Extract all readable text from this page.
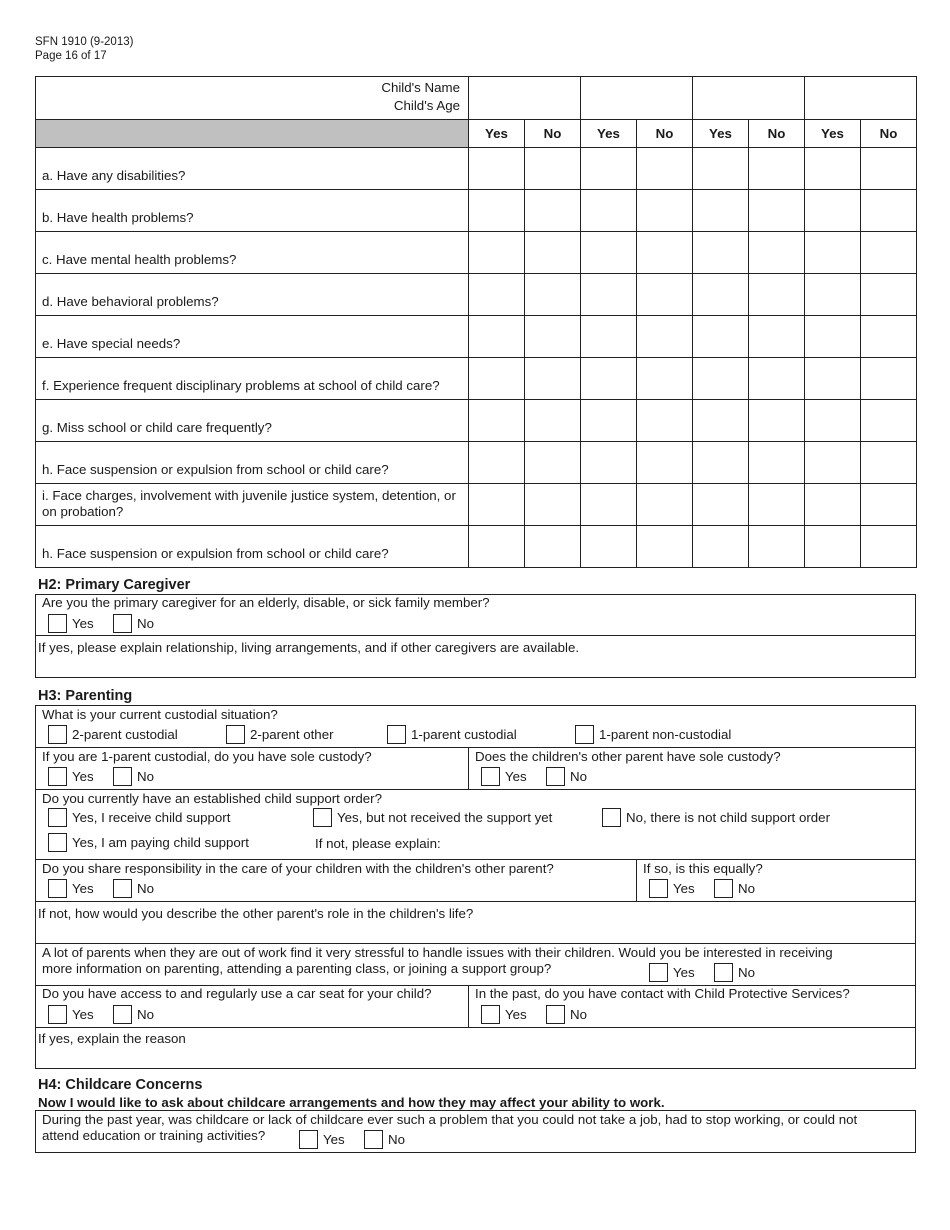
SFN 1910 (9-2013)
Page 16 of 17
Child's Name
Child's Age								

	Yes	No	Yes	No	Yes	No	Yes	No
a. Have any disabilities?								
b. Have health problems?								
c. Have mental health problems?								
d. Have behavioral problems?								
e. Have special needs?								
f. Experience frequent disciplinary problems at school of child care?								
g. Miss school or child care frequently?								
h. Face suspension or expulsion from school or child care?								
i. Face charges, involvement with juvenile justice system, detention, or on probation?								
h. Face suspension or expulsion from school or child care?								
H2: Primary Caregiver
Are you the primary caregiver for an elderly, disable, or sick family member?
Yes	No
If yes, please explain relationship, living arrangements, and if other caregivers are available.
H3: Parenting
What is your current custodial situation?
2-parent custodial	2-parent other	1-parent custodial	1-parent non-custodial
If you are 1-parent custodial, do you have sole custody?
Yes	No
Does the children's other parent have sole custody?
Yes	No
Do you currently have an established child support order?
Yes, I receive child support	Yes, but not received the support yet	No, there is not child support order
Yes, I am paying child support	If not, please explain:
Do you share responsibility in the care of your children with the children's other parent?
Yes	No
If so, is this equally?
Yes	No
If not, how would you describe the other parent's role in the children's life?
A lot of parents when they are out of work find it very stressful to handle issues with their children. Would you be interested in receiving
more information on parenting, attending a parenting class, or joining a support group?	Yes	No
Do you have access to and regularly use a car seat for your child?
Yes	No
In the past, do you have contact with Child Protective Services?
Yes	No
If yes, explain the reason
H4: Childcare Concerns
Now I would like to ask about childcare arrangements and how they may affect your ability to work.
During the past year, was childcare or lack of childcare ever such a problem that you could not take a job, had to stop working, or could not
attend education or training activities?	Yes	No
